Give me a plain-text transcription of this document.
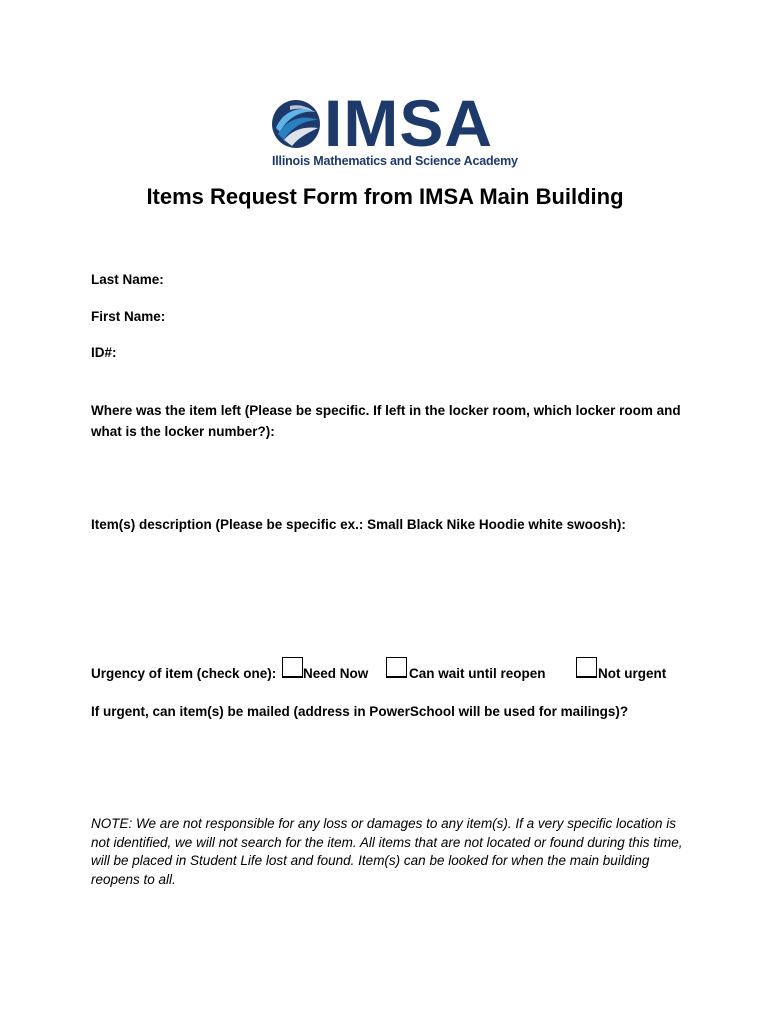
IMSA
Illinois Mathematics and Science Academy
Items Request Form from IMSA Main Building
Last Name:
First Name:
ID#:
Where was the item left (Please be specific. If left in the locker room, which locker room and what is the locker number?):
Item(s) description (Please be specific ex.: Small Black Nike Hoodie white swoosh):
Urgency of item (check one): Need Now	Can wait until reopen	Not urgent
If urgent, can item(s) be mailed (address in PowerSchool will be used for mailings)?
NOTE: We are not responsible for any loss or damages to any item(s). If a very specific location is not identified, we will not search for the item. All items that are not located or found during this time, will be placed in Student Life lost and found. Item(s) can be looked for when the main building reopens to all.
